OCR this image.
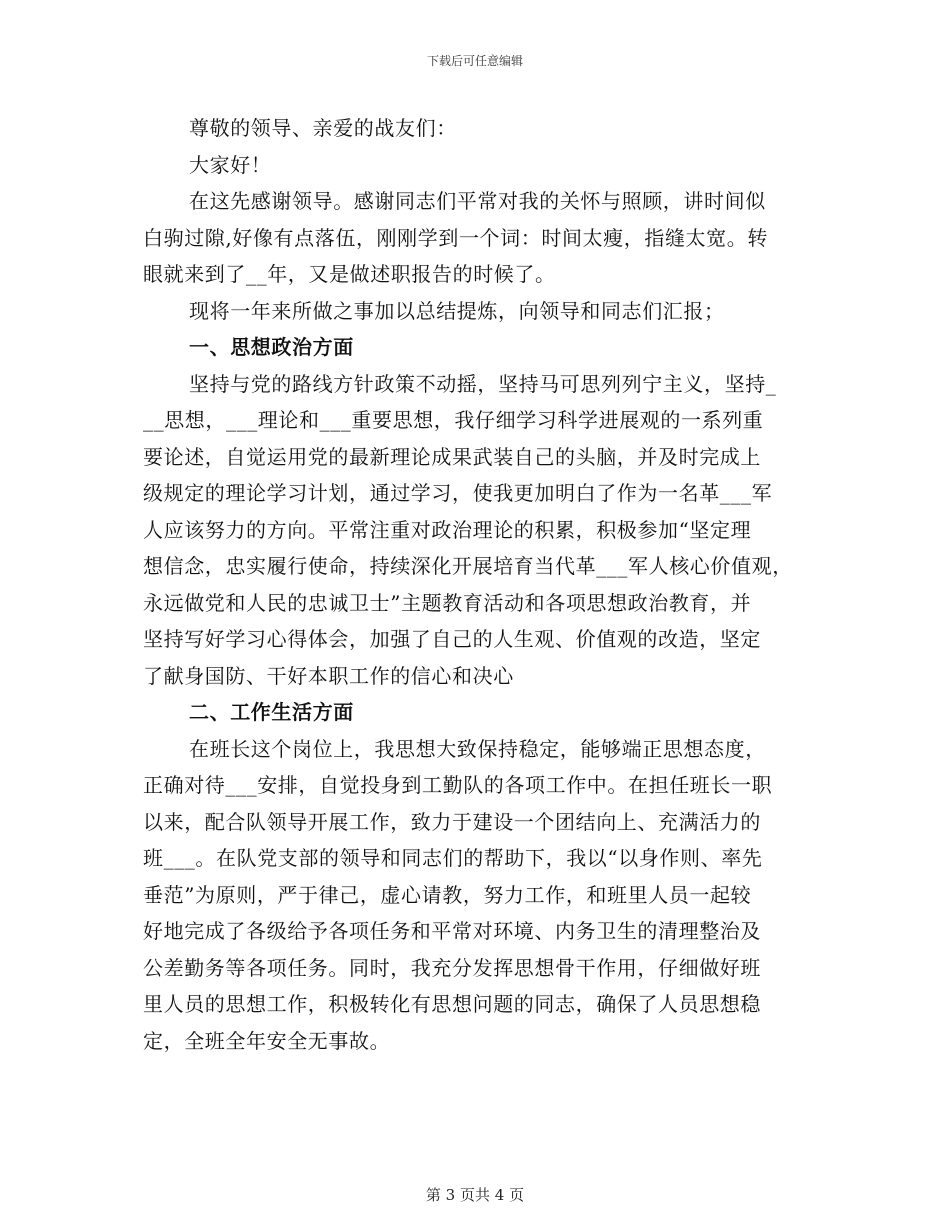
下载后可任意编辑
尊敬的领导、亲爱的战友们：
大家好！
在这先感谢领导。感谢同志们平常对我的关怀与照顾，讲时间似
白驹过隙,好像有点落伍，刚刚学到一个词：时间太瘦，指缝太宽。转
眼就来到了__年，又是做述职报告的时候了。
现将一年来所做之事加以总结提炼，向领导和同志们汇报；
一、思想政治方面
坚持与党的路线方针政策不动摇，坚持马可思列列宁主义，坚持_
__思想，___理论和___重要思想，我仔细学习科学进展观的一系列重
要论述，自觉运用党的最新理论成果武装自己的头脑，并及时完成上
级规定的理论学习计划，通过学习，使我更加明白了作为一名革___军
人应该努力的方向。平常注重对政治理论的积累，积极参加“坚定理
想信念，忠实履行使命，持续深化开展培育当代革___军人核心价值观，
永远做党和人民的忠诚卫士”主题教育活动和各项思想政治教育，并
坚持写好学习心得体会，加强了自己的人生观、价值观的改造，坚定
了献身国防、干好本职工作的信心和决心
二、工作生活方面
在班长这个岗位上，我思想大致保持稳定，能够端正思想态度，
正确对待___安排，自觉投身到工勤队的各项工作中。在担任班长一职
以来，配合队领导开展工作，致力于建设一个团结向上、充满活力的
班___。在队党支部的领导和同志们的帮助下，我以“以身作则、率先
垂范”为原则，严于律己，虚心请教，努力工作，和班里人员一起较
好地完成了各级给予各项任务和平常对环境、内务卫生的清理整治及
公差勤务等各项任务。同时，我充分发挥思想骨干作用，仔细做好班
里人员的思想工作，积极转化有思想问题的同志，确保了人员思想稳
定，全班全年安全无事故。
第 3 页共 4 页
